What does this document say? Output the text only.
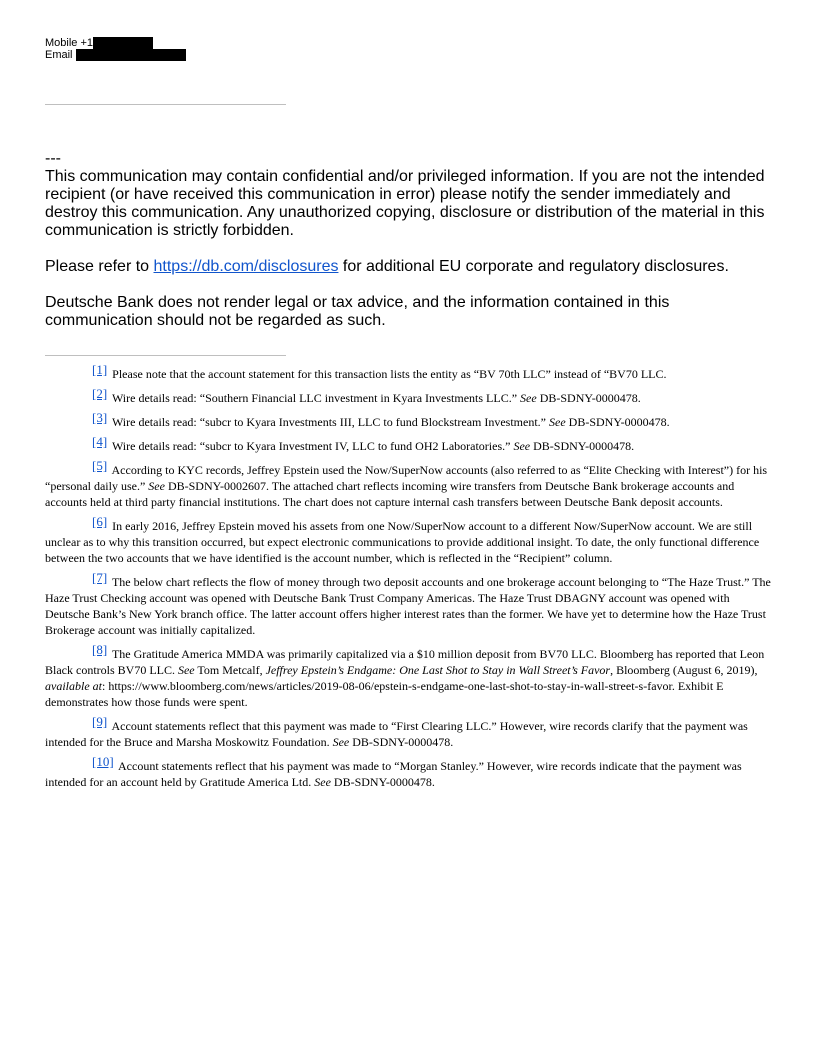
Mobile +1
Email

---

This communication may contain confidential and/or privileged information. If you are not the intended recipient (or have received this communication in error) please notify the sender immediately and destroy this communication. Any unauthorized copying, disclosure or distribution of the material in this communication is strictly forbidden.

Please refer to https://db.com/disclosures for additional EU corporate and regulatory disclosures.

Deutsche Bank does not render legal or tax advice, and the information contained in this communication should not be regarded as such.

[1] Please note that the account statement for this transaction lists the entity as “BV 70th LLC” instead of “BV70 LLC.

[2] Wire details read: “Southern Financial LLC investment in Kyara Investments LLC.” See DB-SDNY-0000478.

[3] Wire details read: “subcr to Kyara Investments III, LLC to fund Blockstream Investment.” See DB-SDNY-0000478.

[4] Wire details read: “subcr to Kyara Investment IV, LLC to fund OH2 Laboratories.” See DB-SDNY-0000478.

[5] According to KYC records, Jeffrey Epstein used the Now/SuperNow accounts (also referred to as “Elite Checking with Interest”) for his “personal daily use.” See DB-SDNY-0002607. The attached chart reflects incoming wire transfers from Deutsche Bank brokerage accounts and accounts held at third party financial institutions. The chart does not capture internal cash transfers between Deutsche Bank deposit accounts.

[6] In early 2016, Jeffrey Epstein moved his assets from one Now/SuperNow account to a different Now/SuperNow account. We are still unclear as to why this transition occurred, but expect electronic communications to provide additional insight. To date, the only functional difference between the two accounts that we have identified is the account number, which is reflected in the “Recipient” column.

[7] The below chart reflects the flow of money through two deposit accounts and one brokerage account belonging to “The Haze Trust.” The Haze Trust Checking account was opened with Deutsche Bank Trust Company Americas. The Haze Trust DBAGNY account was opened with Deutsche Bank’s New York branch office. The latter account offers higher interest rates than the former. We have yet to determine how the Haze Trust Brokerage account was initially capitalized.

[8] The Gratitude America MMDA was primarily capitalized via a $10 million deposit from BV70 LLC. Bloomberg has reported that Leon Black controls BV70 LLC. See Tom Metcalf, Jeffrey Epstein’s Endgame: One Last Shot to Stay in Wall Street’s Favor, Bloomberg (August 6, 2019), available at: https://www.bloomberg.com/news/articles/2019-08-06/epstein-s-endgame-one-last-shot-to-stay-in-wall-street-s-favor. Exhibit E demonstrates how those funds were spent.

[9] Account statements reflect that this payment was made to “First Clearing LLC.” However, wire records clarify that the payment was intended for the Bruce and Marsha Moskowitz Foundation. See DB-SDNY-0000478.

[10] Account statements reflect that his payment was made to “Morgan Stanley.” However, wire records indicate that the payment was intended for an account held by Gratitude America Ltd. See DB-SDNY-0000478.
